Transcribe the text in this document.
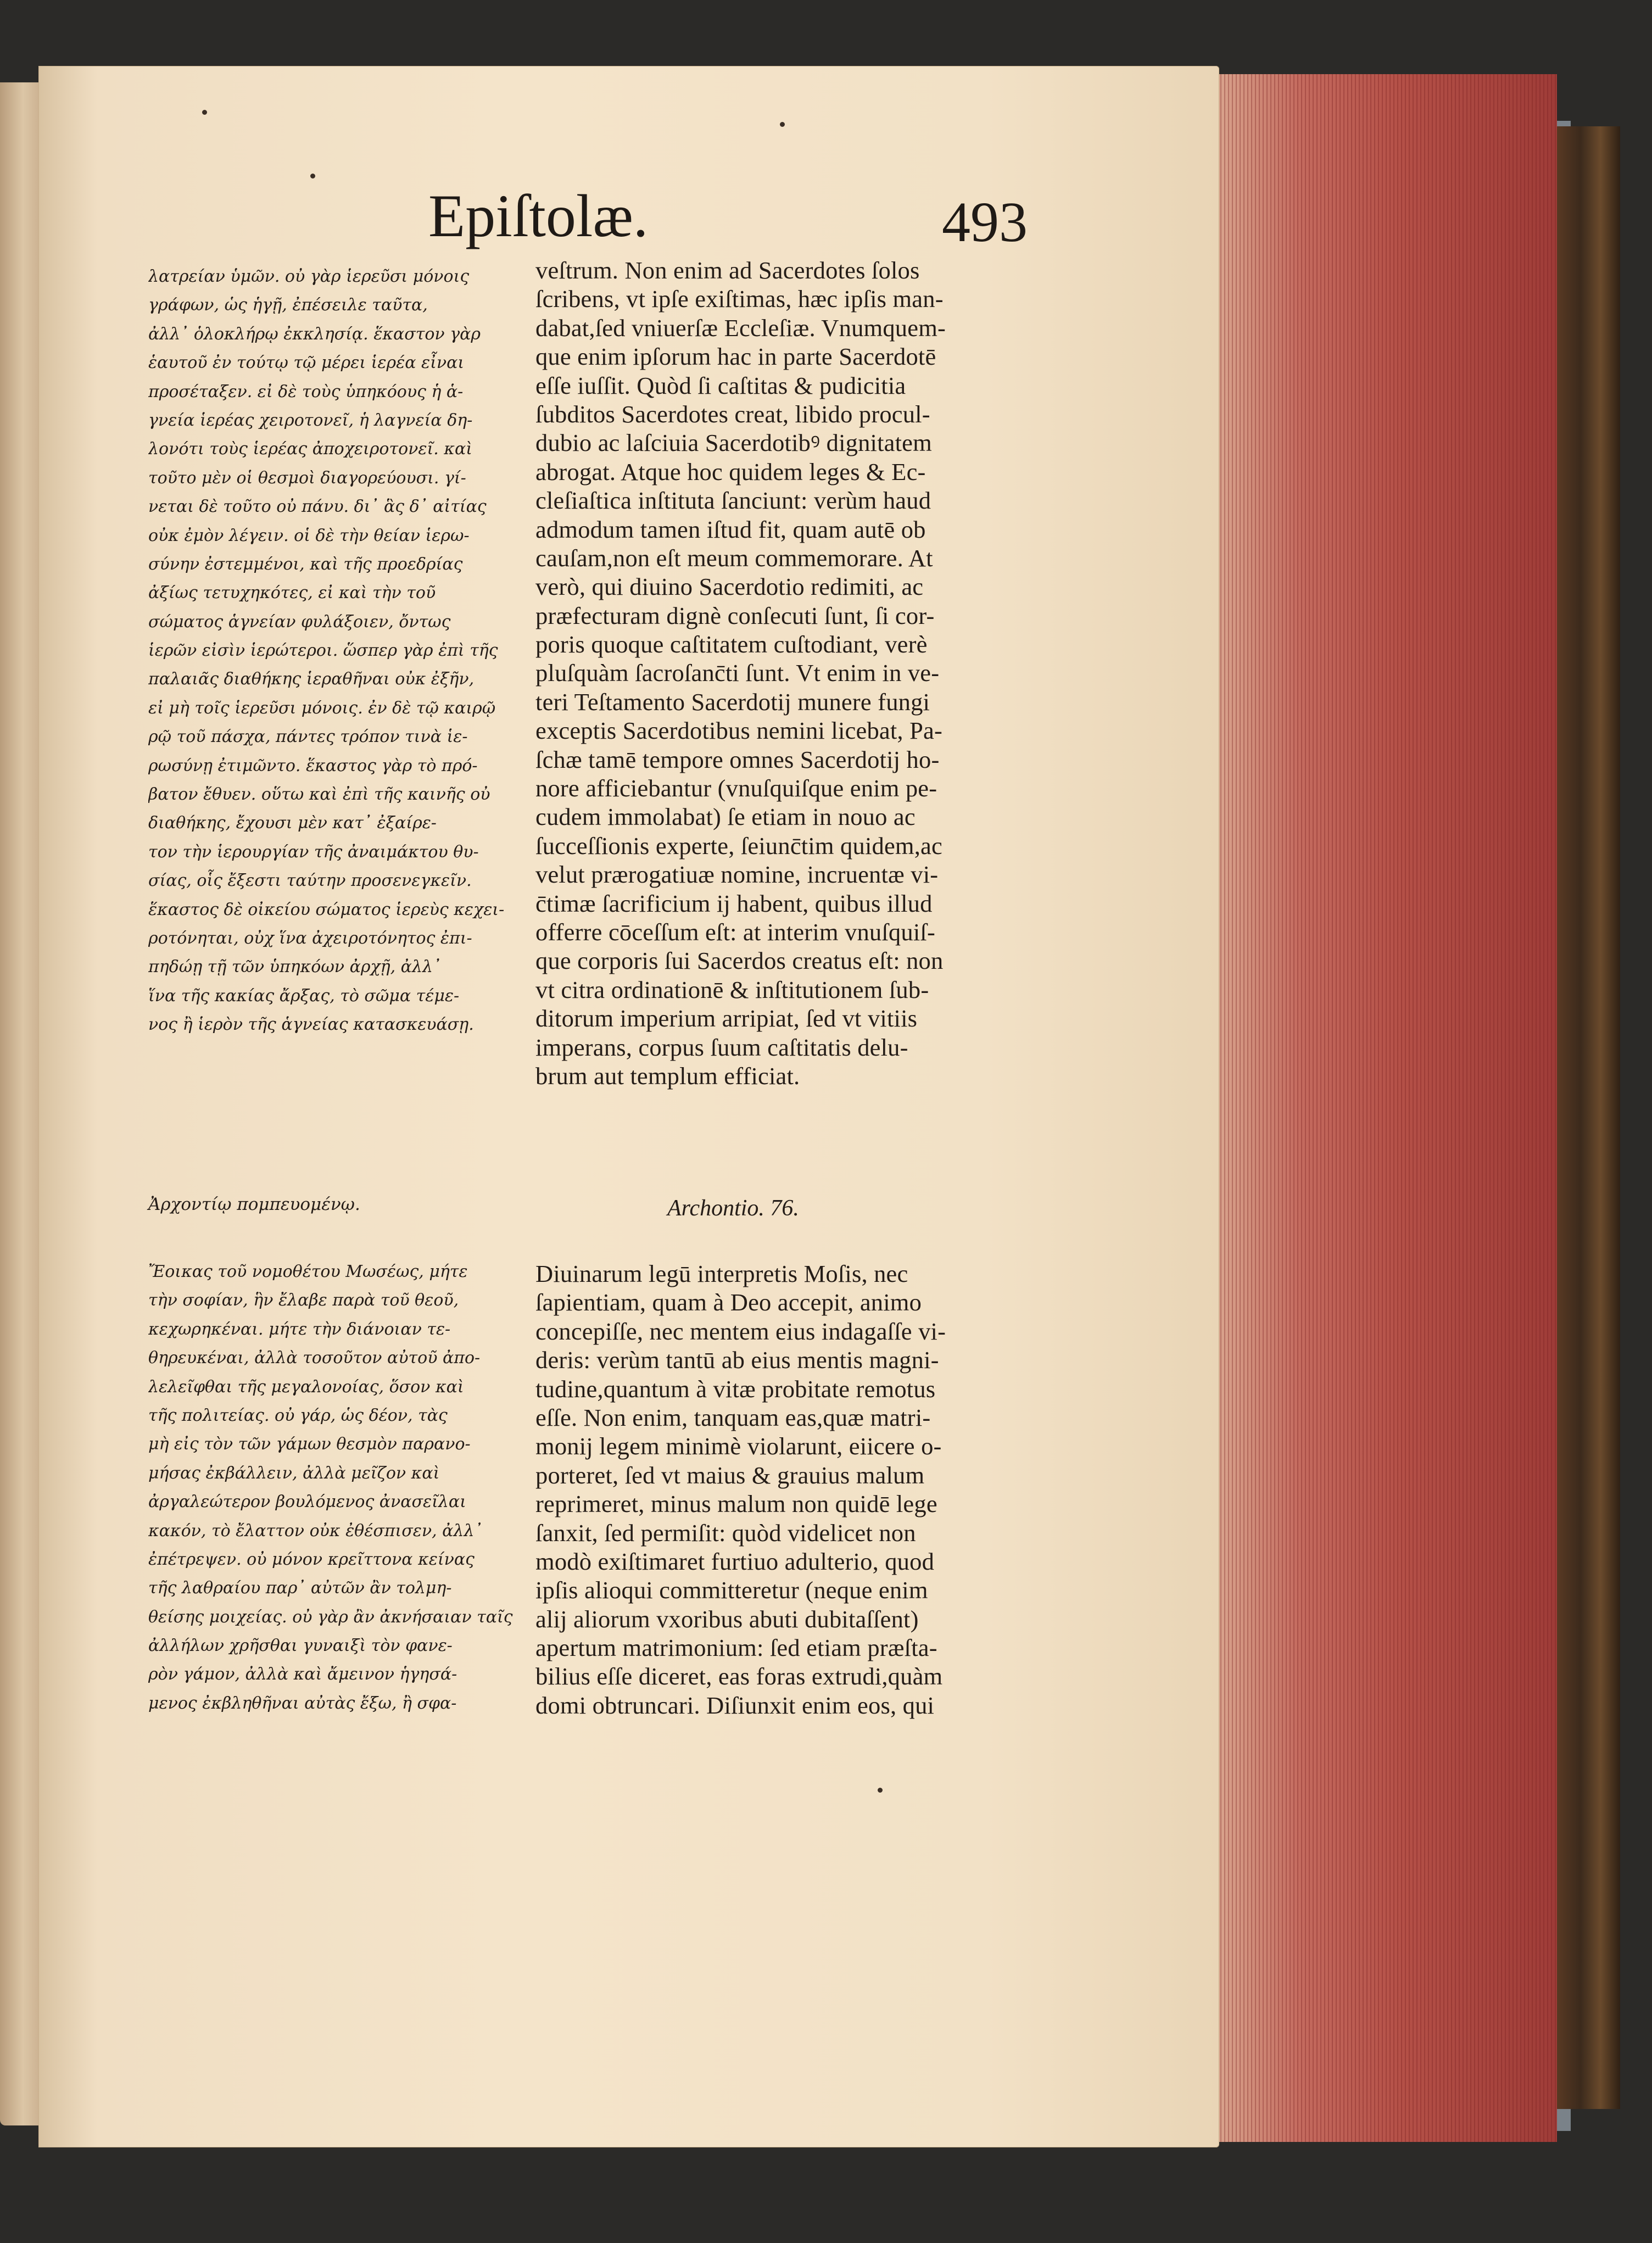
Epiſtolæ.	493
λατρείαν ὑμῶν. οὐ γὰρ ἱερεῦσι μόνοις
γράφων, ὡς ἡγῇ, ἐπέσειλε ταῦτα,
ἀλλ᾽ ὁλοκλήρῳ ἐκκλησίᾳ. ἕκαστον γὰρ
ἑαυτοῦ ἐν τούτῳ τῷ μέρει ἱερέα εἶναι
προσέταξεν. εἰ δὲ τοὺς ὑπηκόους ἡ ἁ-
γνεία ἱερέας χειροτονεῖ, ἡ λαγνεία δη-
λονότι τοὺς ἱερέας ἀποχειροτονεῖ. καὶ
τοῦτο μὲν οἱ θεσμοὶ διαγορεύουσι. γί-
νεται δὲ τοῦτο οὐ πάνυ. δι᾽ ἃς δ᾽ αἰτίας
οὐκ ἐμὸν λέγειν. οἱ δὲ τὴν θείαν ἱερω-
σύνην ἐστεμμένοι, καὶ τῆς προεδρίας
ἀξίως τετυχηκότες, εἰ καὶ τὴν τοῦ
σώματος ἁγνείαν φυλάξοιεν, ὄντως
ἱερῶν εἰσὶν ἱερώτεροι. ὥσπερ γὰρ ἐπὶ τῆς
παλαιᾶς διαθήκης ἱεραθῆναι οὐκ ἐξῆν,
εἰ μὴ τοῖς ἱερεῦσι μόνοις. ἐν δὲ τῷ καιρῷ
ρῷ τοῦ πάσχα, πάντες τρόπον τινὰ ἱε-
ρωσύνῃ ἐτιμῶντο. ἕκαστος γὰρ τὸ πρό-
βατον ἔθυεν. οὕτω καὶ ἐπὶ τῆς καινῆς οὐ
διαθήκης, ἔχουσι μὲν κατ᾽ ἐξαίρε-
τον τὴν ἱερουργίαν τῆς ἀναιμάκτου θυ-
σίας, οἷς ἔξεστι ταύτην προσενεγκεῖν.
ἕκαστος δὲ οἰκείου σώματος ἱερεὺς κεχει-
ροτόνηται, οὐχ ἵνα ἀχειροτόνητος ἐπι-
πηδώῃ τῇ τῶν ὑπηκόων ἀρχῇ, ἀλλ᾽
ἵνα τῆς κακίας ἄρξας, τὸ σῶμα τέμε-
νος ἢ ἱερὸν τῆς ἁγνείας κατασκευάσῃ.
veſtrum. Non enim ad Sacerdotes ſolos
ſcribens, vt ipſe exiſtimas, hæc ipſis man-
dabat,ſed vniuerſæ Eccleſiæ. Vnumquem-
que enim ipſorum hac in parte Sacerdotē
eſſe iuſſit. Quòd ſi caſtitas & pudicitia
ſubditos Sacerdotes creat, libido procul-
dubio ac laſciuia Sacerdotibꝰ dignitatem
abrogat. Atque hoc quidem leges & Ec-
cleſiaſtica inſtituta ſanciunt: verùm haud
admodum tamen iſtud fit, quam autē ob
cauſam,non eſt meum commemorare. At
verò, qui diuino Sacerdotio redimiti, ac
præfecturam dignè conſecuti ſunt, ſi cor-
poris quoque caſtitatem cuſtodiant, verè
pluſquàm ſacroſanc̄ti ſunt. Vt enim in ve-
teri Teſtamento Sacerdotij munere fungi
exceptis Sacerdotibus nemini licebat, Pa-
ſchæ tamē tempore omnes Sacerdotij ho-
nore afficiebantur (vnuſquiſque enim pe-
cudem immolabat) ſe etiam in nouo ac
ſucceſſionis experte, ſeiunc̄tim quidem,ac
velut prærogatiuæ nomine, incruentæ vi-
c̄timæ ſacrificium ij habent, quibus illud
offerre cōceſſum eſt: at interim vnuſquiſ-
que corporis ſui Sacerdos creatus eſt: non
vt citra ordinationē & inſtitutionem ſub-
ditorum imperium arripiat, ſed vt vitiis
imperans, corpus ſuum caſtitatis delu-
brum aut templum efficiat.
Ἀρχοντίῳ πομπευομένῳ.	Archontio. 76.
Ἔοικας τοῦ νομοθέτου Μωσέως, μήτε
τὴν σοφίαν, ἣν ἔλαβε παρὰ τοῦ θεοῦ,
κεχωρηκέναι. μήτε τὴν διάνοιαν τε-
θηρευκέναι, ἀλλὰ τοσοῦτον αὐτοῦ ἀπο-
λελεῖφθαι τῆς μεγαλονοίας, ὅσον καὶ
τῆς πολιτείας. οὐ γάρ, ὡς δέον, τὰς
μὴ εἰς τὸν τῶν γάμων θεσμὸν παρανο-
μήσας ἐκβάλλειν, ἀλλὰ μεῖζον καὶ
ἀργαλεώτερον βουλόμενος ἀνασεῖλαι
κακόν, τὸ ἔλαττον οὐκ ἐθέσπισεν, ἀλλ᾽
ἐπέτρεψεν. οὐ μόνον κρεῖττονα κείνας
τῆς λαθραίου παρ᾽ αὐτῶν ἂν τολμη-
θείσης μοιχείας. οὐ γὰρ ἂν ἀκνήσαιαν ταῖς
ἀλλήλων χρῆσθαι γυναιξὶ τὸν φανε-
ρὸν γάμον, ἀλλὰ καὶ ἄμεινον ἡγησά-
μενος ἐκβληθῆναι αὐτὰς ἔξω, ἢ σφα-
Diuinarum legū interpretis Moſis, nec
ſapientiam, quam à Deo accepit, animo
concepiſſe, nec mentem eius indagaſſe vi-
deris: verùm tantū ab eius mentis magni-
tudine,quantum à vitæ probitate remotus
eſſe. Non enim, tanquam eas,quæ matri-
monij legem minimè violarunt, eiicere o-
porteret, ſed vt maius & grauius malum
reprimeret, minus malum non quidē lege
ſanxit, ſed permiſit: quòd videlicet non
modò exiſtimaret furtiuo adulterio, quod
ipſis alioqui committeretur (neque enim
alij aliorum vxoribus abuti dubitaſſent)
apertum matrimonium: ſed etiam præſta-
bilius eſſe diceret, eas foras extrudi,quàm
domi obtruncari. Diſiunxit enim eos, qui
